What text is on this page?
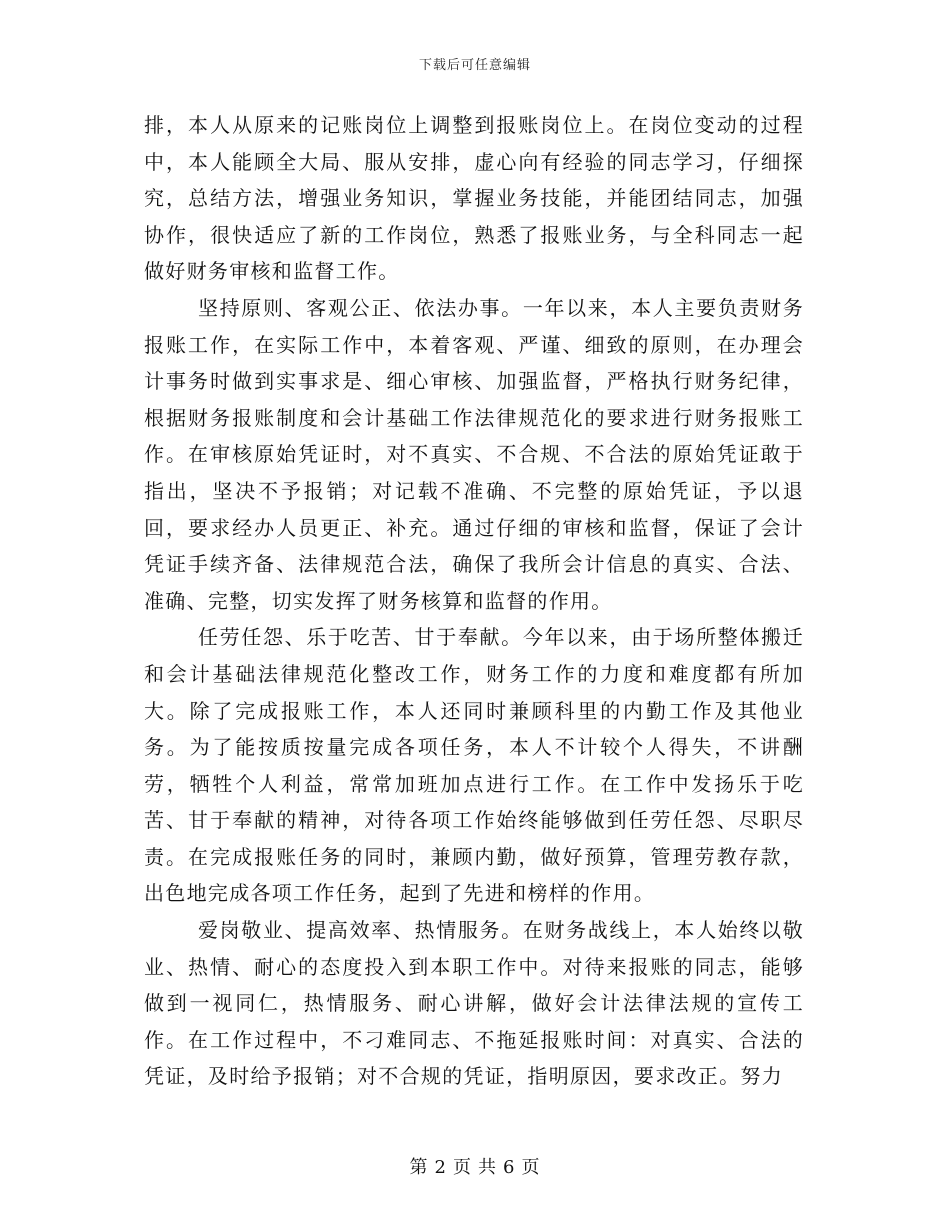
下载后可任意编辑

排，本人从原来的记账岗位上调整到报账岗位上。在岗位变动的过程中，本人能顾全大局、服从安排，虚心向有经验的同志学习，仔细探究，总结方法，增强业务知识，掌握业务技能，并能团结同志，加强协作，很快适应了新的工作岗位，熟悉了报账业务，与全科同志一起做好财务审核和监督工作。

坚持原则、客观公正、依法办事。一年以来，本人主要负责财务报账工作，在实际工作中，本着客观、严谨、细致的原则，在办理会计事务时做到实事求是、细心审核、加强监督，严格执行财务纪律，根据财务报账制度和会计基础工作法律规范化的要求进行财务报账工作。在审核原始凭证时，对不真实、不合规、不合法的原始凭证敢于指出，坚决不予报销；对记载不准确、不完整的原始凭证，予以退回，要求经办人员更正、补充。通过仔细的审核和监督，保证了会计凭证手续齐备、法律规范合法，确保了我所会计信息的真实、合法、准确、完整，切实发挥了财务核算和监督的作用。

任劳任怨、乐于吃苦、甘于奉献。今年以来，由于场所整体搬迁和会计基础法律规范化整改工作，财务工作的力度和难度都有所加大。除了完成报账工作，本人还同时兼顾科里的内勤工作及其他业务。为了能按质按量完成各项任务，本人不计较个人得失，不讲酬劳，牺牲个人利益，常常加班加点进行工作。在工作中发扬乐于吃苦、甘于奉献的精神，对待各项工作始终能够做到任劳任怨、尽职尽责。在完成报账任务的同时，兼顾内勤，做好预算，管理劳教存款，出色地完成各项工作任务，起到了先进和榜样的作用。

爱岗敬业、提高效率、热情服务。在财务战线上，本人始终以敬业、热情、耐心的态度投入到本职工作中。对待来报账的同志，能够做到一视同仁，热情服务、耐心讲解，做好会计法律法规的宣传工作。在工作过程中，不刁难同志、不拖延报账时间：对真实、合法的凭证，及时给予报销；对不合规的凭证，指明原因，要求改正。努力

第 2 页 共 6 页
